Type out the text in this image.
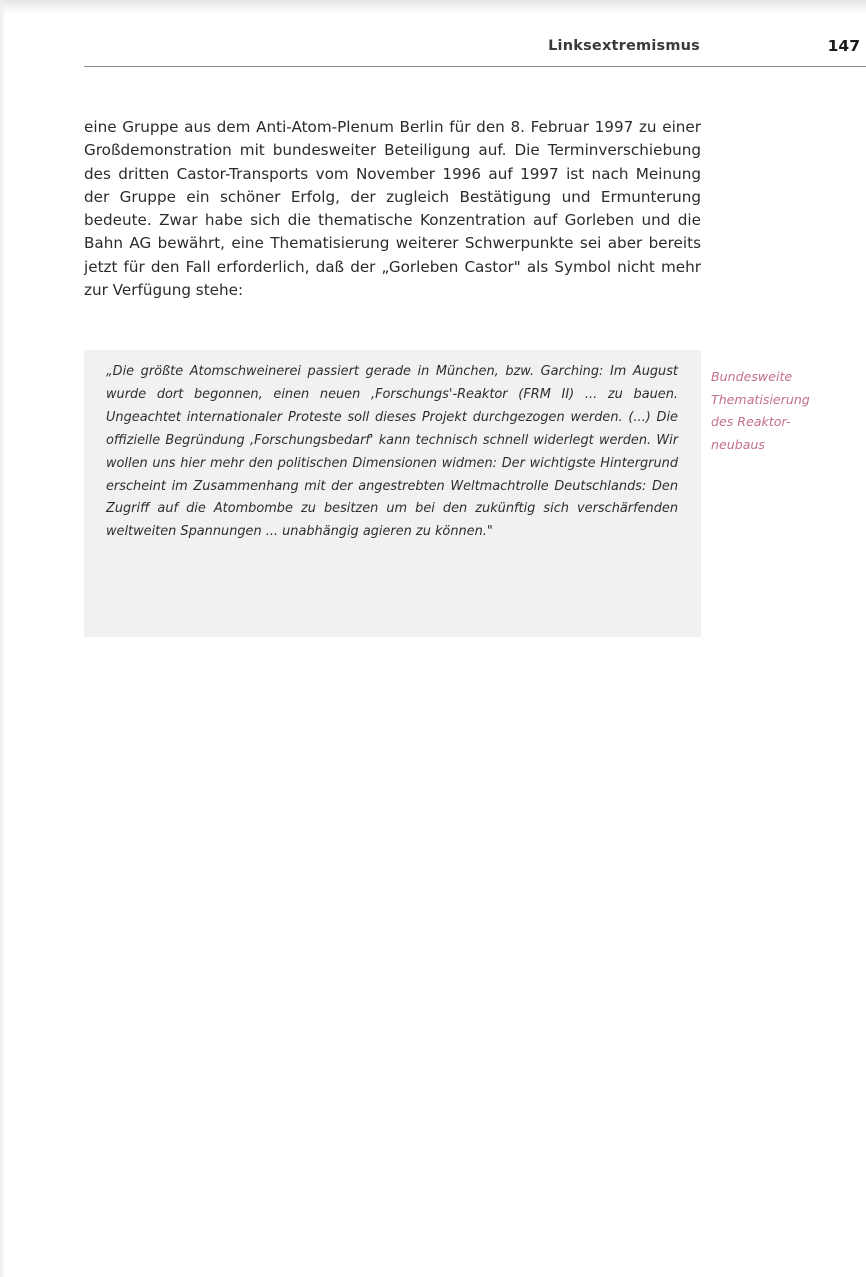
Linksextremismus	147

eine Gruppe aus dem Anti-Atom-Plenum Berlin für den 8. Februar 1997 zu einer Großdemonstration mit bundesweiter Beteiligung auf. Die Terminverschiebung des dritten Castor-Transports vom November 1996 auf 1997 ist nach Meinung der Gruppe ein schöner Erfolg, der zugleich Bestätigung und Ermunterung bedeute. Zwar habe sich die thematische Konzentration auf Gorleben und die Bahn AG bewährt, eine Thematisierung weiterer Schwerpunkte sei aber bereits jetzt für den Fall erforderlich, daß der „Gorleben Castor" als Symbol nicht mehr zur Verfügung stehe:

„Die größte Atomschweinerei passiert gerade in München, bzw. Garching: Im August wurde dort begonnen, einen neuen ‚Forschungs'-Reaktor (FRM II) ... zu bauen. Ungeachtet internationaler Proteste soll dieses Projekt durchgezogen werden. (...) Die offizielle Begründung ‚Forschungsbedarf' kann technisch schnell widerlegt werden. Wir wollen uns hier mehr den politischen Dimensionen widmen: Der wichtigste Hintergrund erscheint im Zusammenhang mit der angestrebten Weltmachtrolle Deutschlands: Den Zugriff auf die Atombombe zu besitzen um bei den zukünftig sich verschärfenden weltweiten Spannungen ... unabhängig agieren zu können."

Bundesweite
Thematisierung
des Reaktor-
neubaus
